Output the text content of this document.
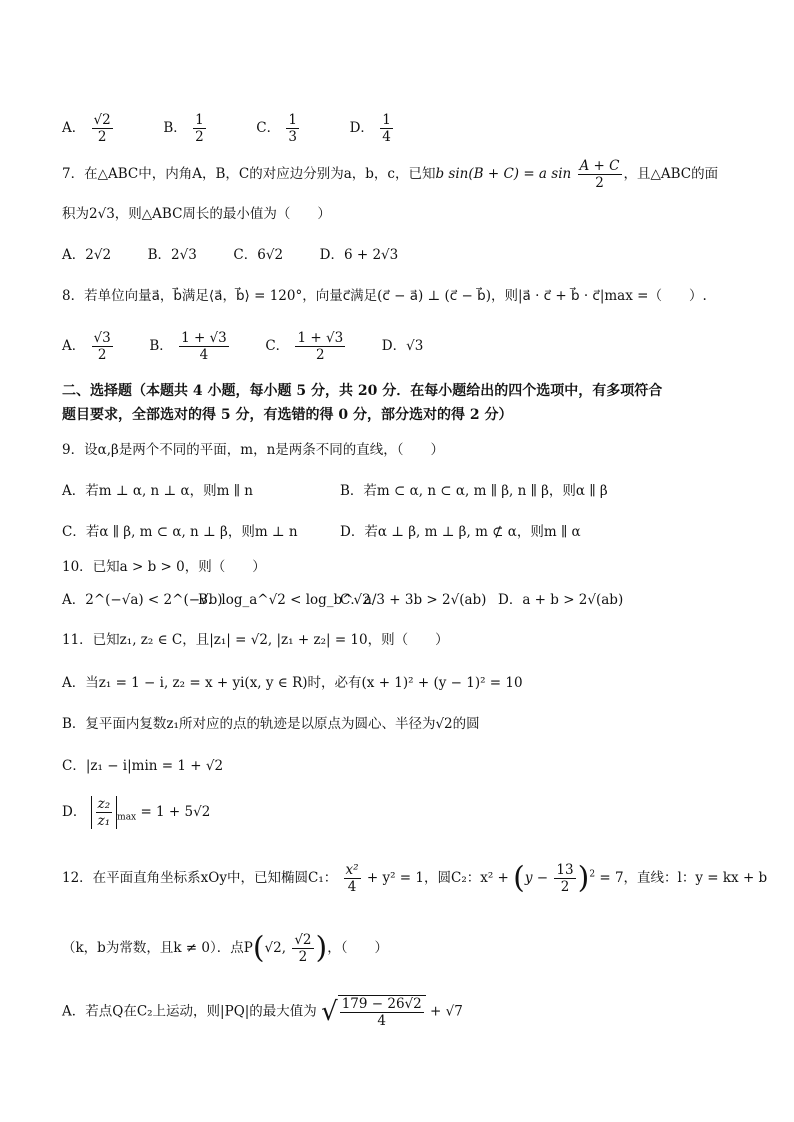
A． $\frac{√2}{2}$	B． $\frac{1}{2}$	C． $\frac{1}{3}$	D． $\frac{1}{4}$
7．在△ABC中，内角A，B，C的对应边分别为a，b，c，已知b sin(B + C) = a $\sin \frac{A + C}{2}$ ，且△ABC的面
积为2√3，则△ABC周长的最小值为（　　）
A．2√2	B．2√3	C．6√2	D．6 + 2√3
8．若单位向量a⃗，b⃗满足⟨a⃗，b⃗⟩ = 120°，向量c⃗满足(c⃗ − a⃗) ⊥ (c⃗ − b⃗)，则|a⃗ · c⃗ + b⃗ · c⃗|max =（　　）.
A． $\frac{√3}{2}$	B． $\frac{1 + √3}{4}$	C． $\frac{1 + √3}{2}$	D．√3
二、选择题（本题共 4 小题，每小题 5 分，共 20 分．在每小题给出的四个选项中，有多项符合
题目要求，全部选对的得 5 分，有选错的得 0 分，部分选对的得 2 分）
9．设α,β是两个不同的平面，m，n是两条不同的直线，（　　）
A．若m ⊥ α, n ⊥ α，则m ∥ n	B．若m ⊂ α, n ⊂ α, m ∥ β, n ∥ β，则α ∥ β
C．若α ∥ β, m ⊂ α, n ⊥ β，则m ⊥ n	D．若α ⊥ β, m ⊥ β, m ⊄ α，则m ∥ α
10．已知a > b > 0，则（　　）
A．2^(−√a) < 2^(−√b)
B．log_a^√2 < log_b^√2
C．a/3 + 3b > 2√(ab) D．a + b > 2√(ab)
11．已知z₁, z₂ ∈ C，且|z₁| = √2, |z₁ + z₂| = 10，则（　　）
A．当z₁ = 1 − i, z₂ = x + yi(x, y ∈ R)时，必有(x + 1)² + (y − 1)² = 10
B．复平面内复数z₁所对应的点的轨迹是以原点为圆心、半径为√2的圆
C．|z₁ − i|min = 1 + √2
D． $\frac{\text{z₂}}{\text{z₁}} _{max} = 1 + 5√2$
12．在平面直角坐标系xOy中，已知椭圆C₁： $\frac{\text{x²}}{4} + y^2 = 1$，圆C₂：$x^2 + (y - \frac{13}{2} )^2 = 7$，直线：l：y = kx + b
（k，b为常数，且k ≠ 0）．点P(√2, $\frac{√2}{2}$ )，（　　）
A．若点Q在C₂上运动，则|PQ|的最大值为 √ $\frac{179 - 26√2}{4} + √7$
